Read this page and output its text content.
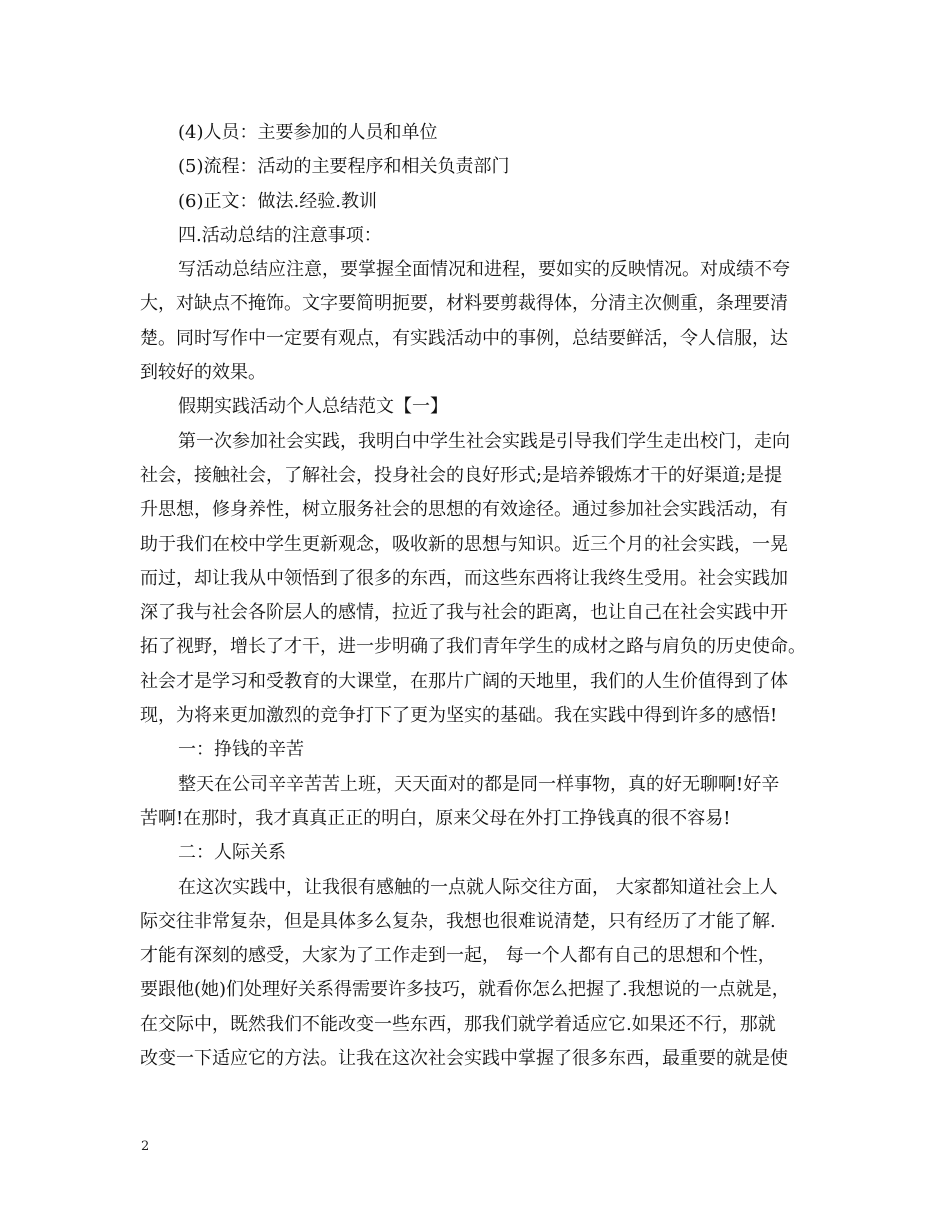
(4)人员：主要参加的人员和单位
(5)流程：活动的主要程序和相关负责部门
(6)正文：做法.经验.教训
四.活动总结的注意事项：
写活动总结应注意，要掌握全面情况和进程，要如实的反映情况。对成绩不夸
大，对缺点不掩饰。文字要简明扼要，材料要剪裁得体，分清主次侧重，条理要清
楚。同时写作中一定要有观点，有实践活动中的事例，总结要鲜活，令人信服，达
到较好的效果。
假期实践活动个人总结范文【一】
第一次参加社会实践，我明白中学生社会实践是引导我们学生走出校门，走向
社会，接触社会，了解社会，投身社会的良好形式;是培养锻炼才干的好渠道;是提
升思想，修身养性，树立服务社会的思想的有效途径。通过参加社会实践活动，有
助于我们在校中学生更新观念，吸收新的思想与知识。近三个月的社会实践，一晃
而过，却让我从中领悟到了很多的东西，而这些东西将让我终生受用。社会实践加
深了我与社会各阶层人的感情，拉近了我与社会的距离，也让自己在社会实践中开
拓了视野，增长了才干，进一步明确了我们青年学生的成材之路与肩负的历史使命。
社会才是学习和受教育的大课堂，在那片广阔的天地里，我们的人生价值得到了体
现，为将来更加激烈的竞争打下了更为坚实的基础。我在实践中得到许多的感悟!
一：挣钱的辛苦
整天在公司辛辛苦苦上班，天天面对的都是同一样事物，真的好无聊啊!好辛
苦啊!在那时，我才真真正正的明白，原来父母在外打工挣钱真的很不容易!
二：人际关系
在这次实践中，让我很有感触的一点就人际交往方面， 大家都知道社会上人
际交往非常复杂，但是具体多么复杂，我想也很难说清楚，只有经历了才能了解.
才能有深刻的感受，大家为了工作走到一起， 每一个人都有自己的思想和个性，
要跟他(她)们处理好关系得需要许多技巧，就看你怎么把握了.我想说的一点就是，
在交际中，既然我们不能改变一些东西，那我们就学着适应它.如果还不行，那就
改变一下适应它的方法。让我在这次社会实践中掌握了很多东西，最重要的就是使
2
